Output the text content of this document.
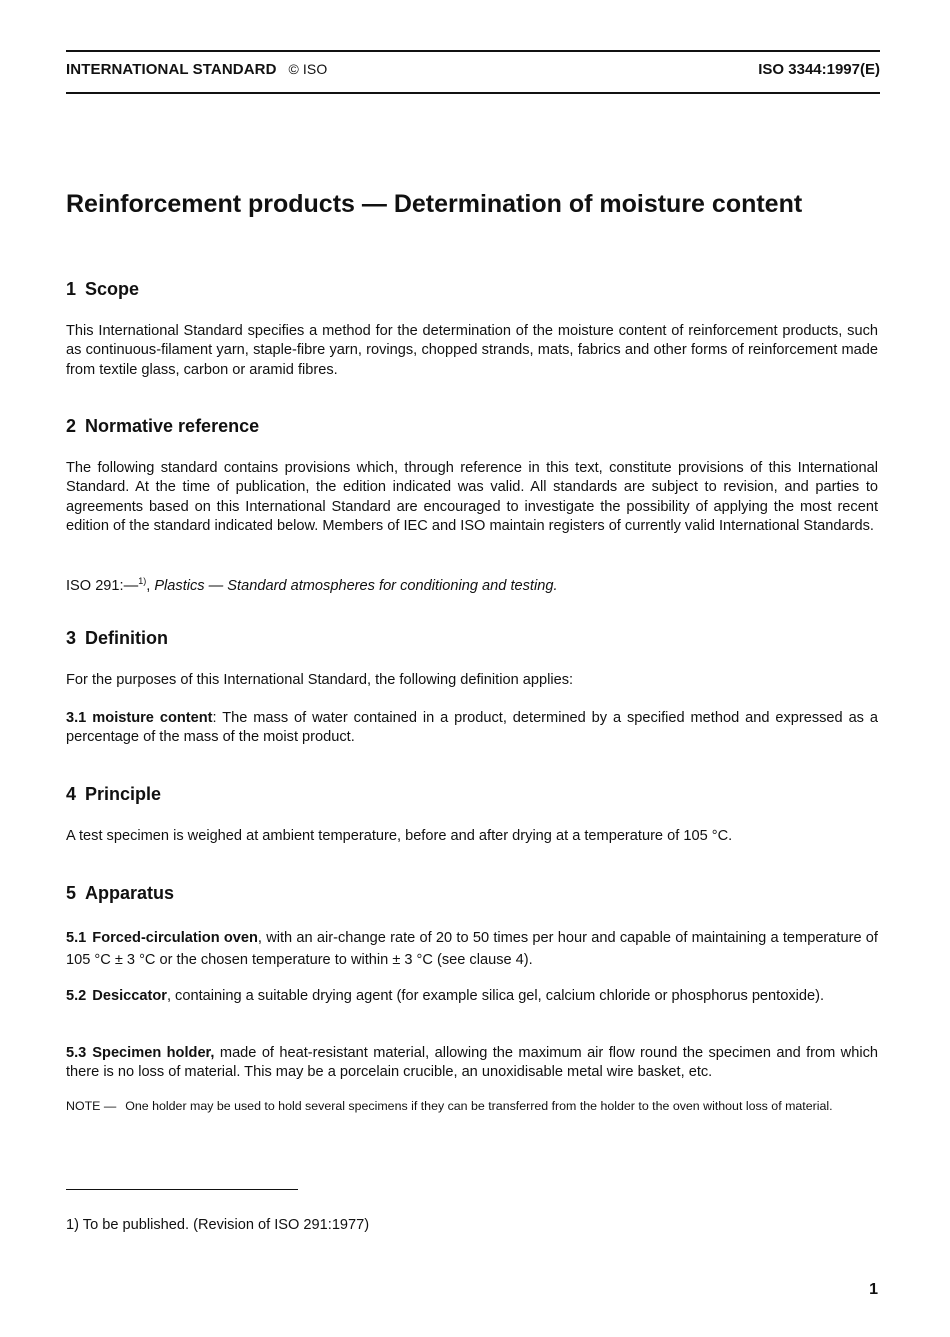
INTERNATIONAL STANDARD © ISO	ISO 3344:1997(E)
Reinforcement products — Determination of moisture content
1 Scope

This International Standard specifies a method for the determination of the moisture content of reinforcement products, such as continuous-filament yarn, staple-fibre yarn, rovings, chopped strands, mats, fabrics and other forms of reinforcement made from textile glass, carbon or aramid fibres.

2 Normative reference

The following standard contains provisions which, through reference in this text, constitute provisions of this International Standard. At the time of publication, the edition indicated was valid. All standards are subject to revision, and parties to agreements based on this International Standard are encouraged to investigate the possibility of applying the most recent edition of the standard indicated below. Members of IEC and ISO maintain registers of currently valid International Standards.

ISO 291:—$^{1)}$, Plastics — Standard atmospheres for conditioning and testing.

3 Definition

For the purposes of this International Standard, the following definition applies:

3.1 moisture content: The mass of water contained in a product, determined by a specified method and expressed as a percentage of the mass of the moist product.

4 Principle

A test specimen is weighed at ambient temperature, before and after drying at a temperature of 105 °C.

5 Apparatus

5.1 Forced-circulation oven, with an air-change rate of 20 to 50 times per hour and capable of maintaining a temperature of 105 °C ± 3 °C or the chosen temperature to within ± 3 °C (see clause 4).

5.2 Desiccator, containing a suitable drying agent (for example silica gel, calcium chloride or phosphorus pentoxide).

5.3 Specimen holder, made of heat-resistant material, allowing the maximum air flow round the specimen and from which there is no loss of material. This may be a porcelain crucible, an unoxidisable metal wire basket, etc.

NOTE — One holder may be used to hold several specimens if they can be transferred from the holder to the oven without loss of material.

1) To be published. (Revision of ISO 291:1977)

1
